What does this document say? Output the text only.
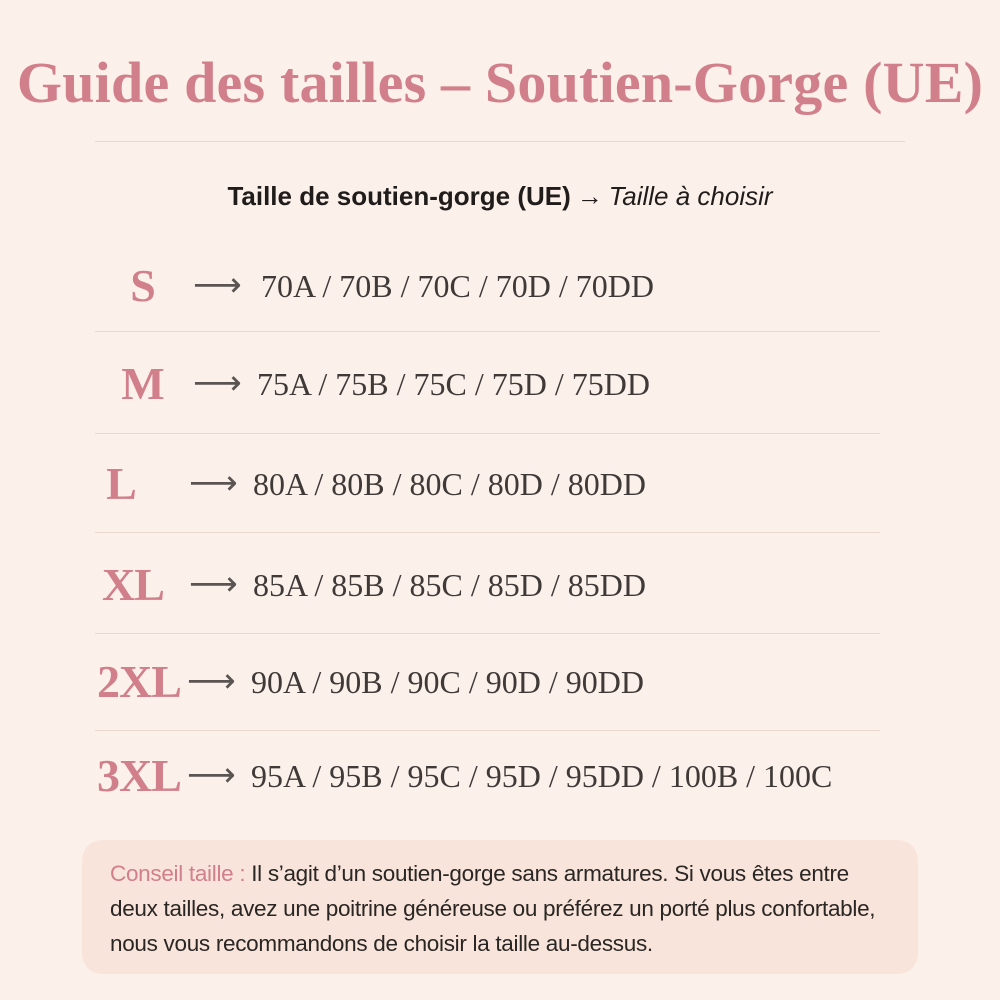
Guide des tailles – Soutien-Gorge (UE)
Taille de soutien-gorge (UE) → Taille à choisir
S	⟶ 70A / 70B / 70C / 70D / 70DD
M ⟶ 75A / 75B / 75C / 75D / 75DD
L	⟶ 80A / 80B / 80C / 80D / 80DD
XL ⟶ 85A / 85B / 85C / 85D / 85DD
2XL ⟶ 90A / 90B / 90C / 90D / 90DD
3XL ⟶ 95A / 95B / 95C / 95D / 95DD / 100B / 100C
Conseil taille : Il s’agit d’un soutien-gorge sans armatures. Si vous êtes entre deux tailles, avez une poitrine généreuse ou préférez un porté plus confortable, nous vous recommandons de choisir la taille au-dessus.
